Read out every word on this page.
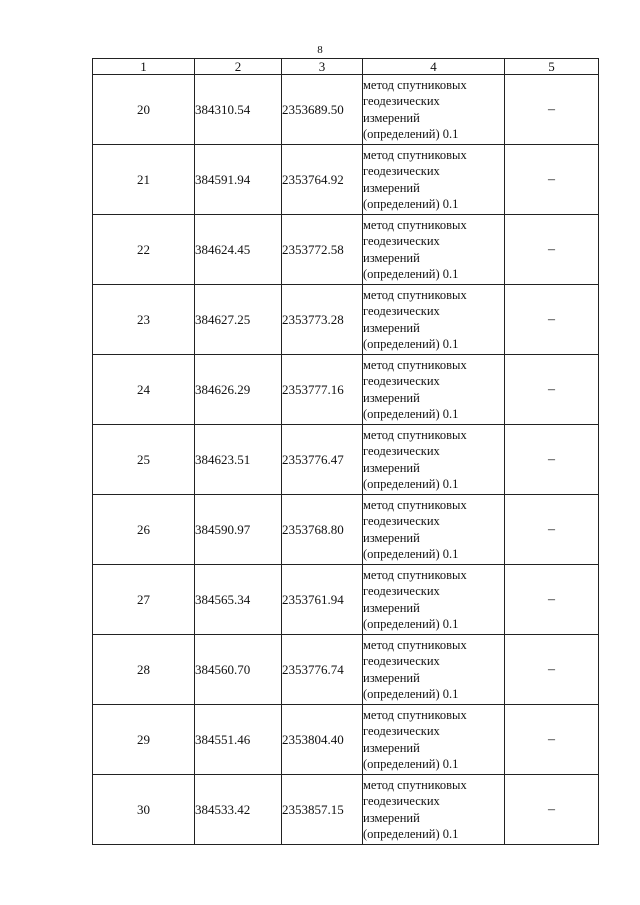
8
1	2	3	4	5
20	384310.54	2353689.50	метод спутниковых
геодезических
измерений
(определений) 0.1	–
21	384591.94	2353764.92	метод спутниковых
геодезических
измерений
(определений) 0.1	–
22	384624.45	2353772.58	метод спутниковых
геодезических
измерений
(определений) 0.1	–
23	384627.25	2353773.28	метод спутниковых
геодезических
измерений
(определений) 0.1	–
24	384626.29	2353777.16	метод спутниковых
геодезических
измерений
(определений) 0.1	–
25	384623.51	2353776.47	метод спутниковых
геодезических
измерений
(определений) 0.1	–
26	384590.97	2353768.80	метод спутниковых
геодезических
измерений
(определений) 0.1	–
27	384565.34	2353761.94	метод спутниковых
геодезических
измерений
(определений) 0.1	–
28	384560.70	2353776.74	метод спутниковых
геодезических
измерений
(определений) 0.1	–
29	384551.46	2353804.40	метод спутниковых
геодезических
измерений
(определений) 0.1	–
30	384533.42	2353857.15	метод спутниковых
геодезических
измерений
(определений) 0.1	–
